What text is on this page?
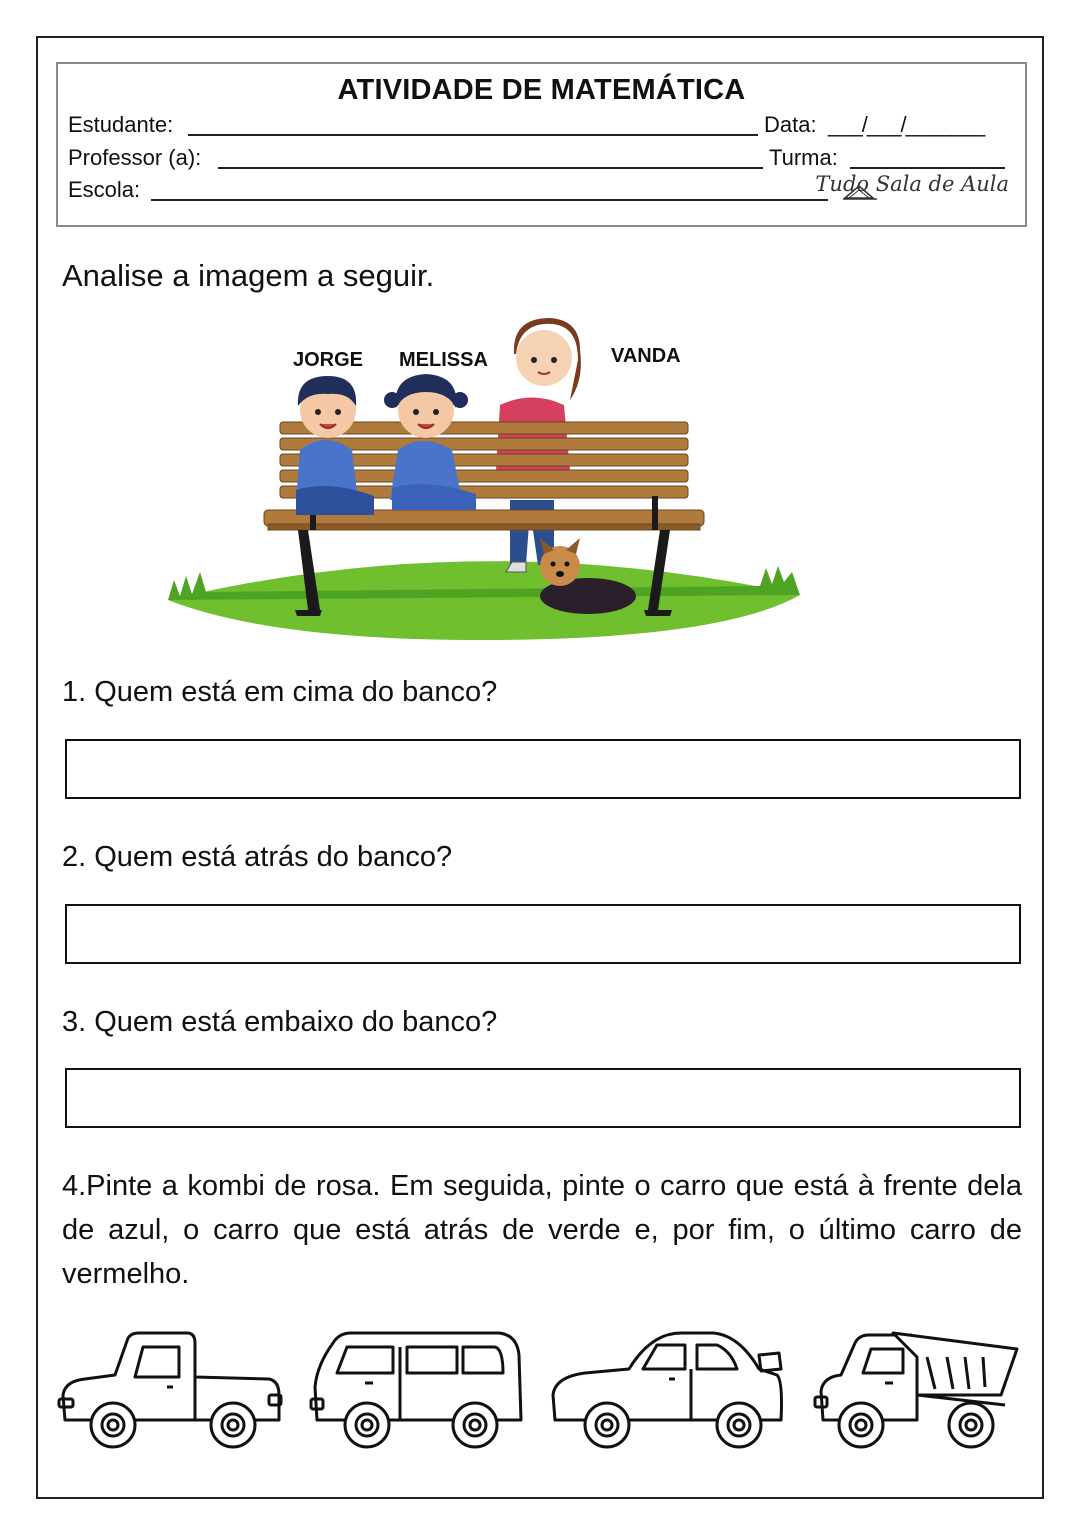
ATIVIDADE DE MATEMÁTICA
Estudante:	Data: ___/___/_______
Professor (a):	Turma:
Escola:	Tudo Sala de Aula
Analise a imagem a seguir.
JORGE MELISSA	VANDA
1. Quem está em cima do banco?
2. Quem está atrás do banco?
3. Quem está embaixo do banco?
4.Pinte a kombi de rosa. Em seguida, pinte o carro que está à frente dela de azul, o carro que está atrás de verde e, por fim, o último carro de vermelho.
